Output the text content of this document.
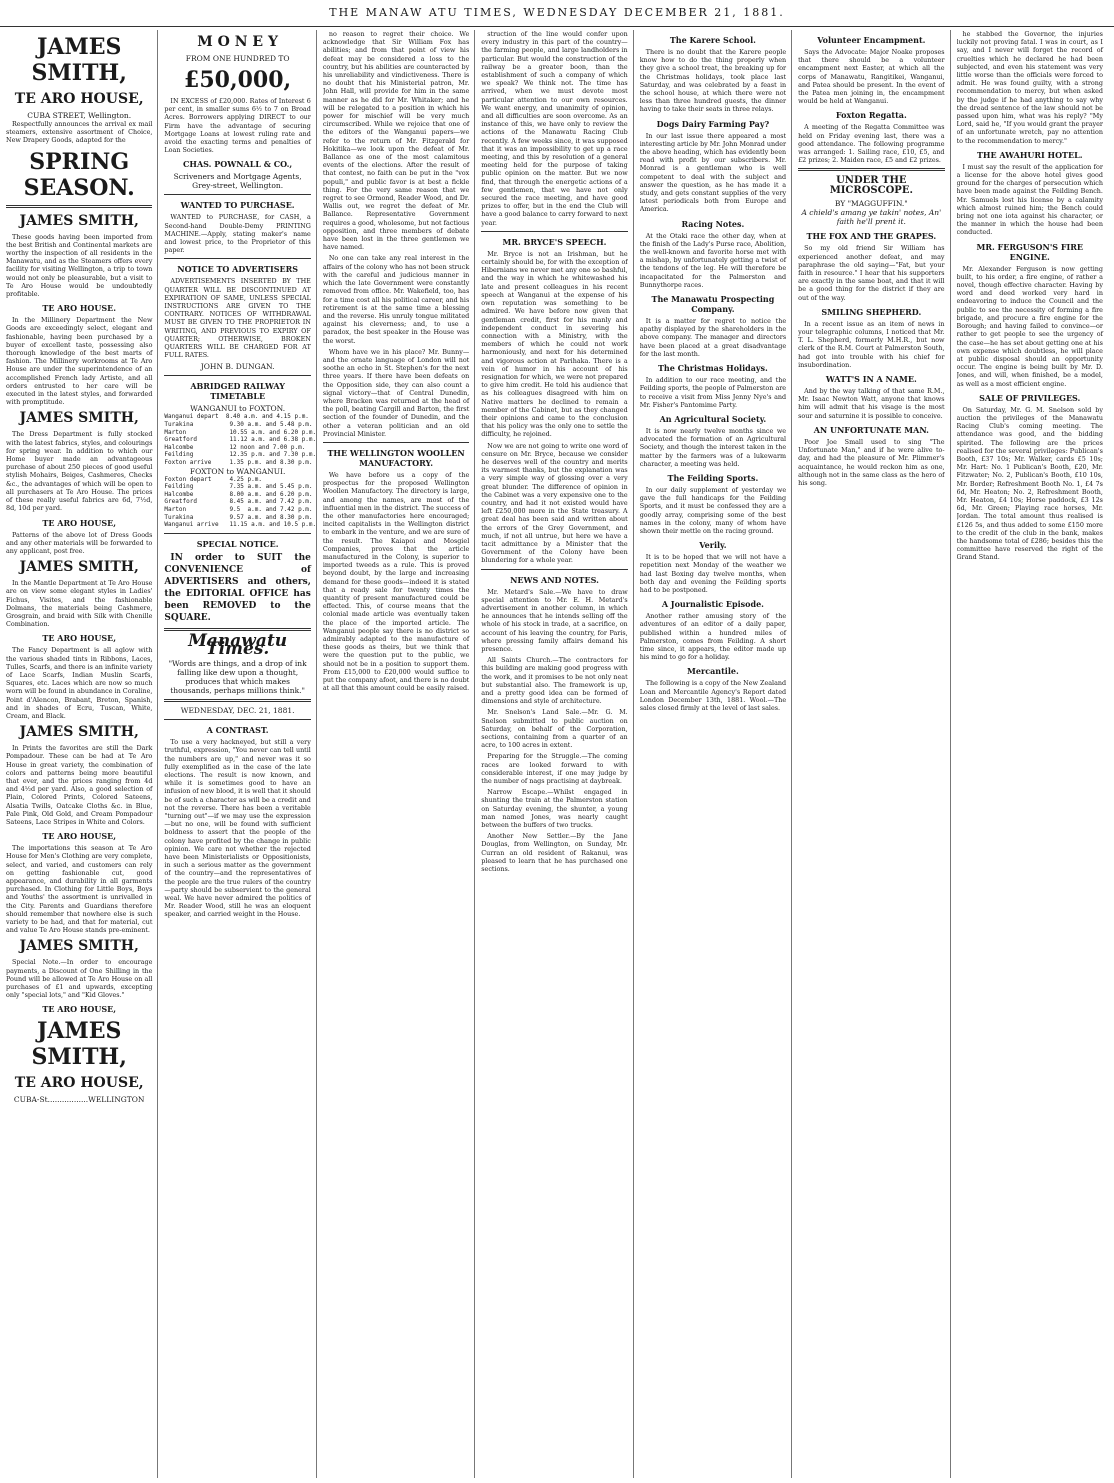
THE MANAW ATU TIMES, WEDNESDAY DECEMBER 21, 1881.
JAMES SMITH,
TE ARO HOUSE,
CUBA STREET, Wellington.

Respectfully announces the arrival ex mail steamers, extensive assortment of Choice, New Drapery Goods, adapted for the

SPRING SEASON.
JAMES SMITH,

These goods having been imported from the best British and Continental markets are worthy the inspection of all residents in the Manawatu, and as the Steamers offers every facility for visiting Wellington, a trip to town would not only be pleasurable, but a visit to Te Aro House would be undoubtedly profitable.

TE ARO HOUSE.

In the Millinery Department the New Goods are exceedingly select, elegant and fashionable, having been purchased by a buyer of excellent taste, possessing also thorough knowledge of the best marts of fashion. The Millinery workrooms at Te Aro House are under the superintendence of an accomplished French lady Artiste, and all orders entrusted to her care will be executed in the latest styles, and forwarded with promptitude.

JAMES SMITH,

The Dress Department is fully stocked with the latest fabrics, styles, and colourings for spring wear. In addition to which our Home buyer made an advantageous purchase of about 250 pieces of good useful stylish Mohairs, Beiges, Cashmeres, Checks &c., the advantages of which will be open to all purchasers at Te Aro House. The prices of these really useful fabrics are 6d, 7½d, 8d, 10d per yard.

TE ARO HOUSE,

Patterns of the above lot of Dress Goods and any other materials will be forwarded to any applicant, post free.

JAMES SMITH,

In the Mantle Department at Te Aro House are on view some elegant styles in Ladies' Fichus, Visites, and the fashionable Dolmans, the materials being Cashmere, Grosgrain, and braid with Silk with Chenille Combination.

TE ARO HOUSE,

The Fancy Department is all aglow with the various shaded tints in Ribbons, Laces, Tulles, Scarfs, and there is an infinite variety of Lace Scarfs, Indian Muslin Scarfs, Squares, etc. Laces which are now so much worn will be found in abundance in Coraline, Point d'Alencon, Brabant, Breton, Spanish, and in shades of Ecru, Tuscan, White, Cream, and Black.

JAMES SMITH,

In Prints the favorites are still the Dark Pompadour. These can be had at Te Aro House in great variety, the combination of colors and patterns being more beautiful that ever, and the prices ranging from 4d and 4½d per yard. Also, a good selection of Plain, Colored Prints, Colored Sateens, Alsatia Twills, Oatcake Cloths &c. in Blue, Pale Pink, Old Gold, and Cream Pompadour Sateens, Lace Stripes in White and Colors.

TE ARO HOUSE,

The importations this season at Te Aro House for Men's Clothing are very complete, select, and varied, and customers can rely on getting fashionable cut, good appearance, and durability in all garments purchased. In Clothing for Little Boys, Boys and Youths' the assortment is unrivalled in the City. Parents and Guardians therefore should remember that nowhere else is such variety to be had, and that for material, cut and value Te Aro House stands pre-eminent.

JAMES SMITH,

Special Note.—In order to encourage payments, a Discount of One Shilling in the Pound will be allowed at Te Aro House on all purchases of £1 and upwards, excepting only "special lots," and "Kid Gloves."

TE ARO HOUSE,
JAMES SMITH,
TE ARO HOUSE,
CUBA-St.................WELLINGTON
M O N E Y
FROM ONE HUNDRED TO
£50,000,

IN EXCESS of £20,000. Rates of Interest 6 per cent, in smaller sums 6½ to 7 on Broad Acres. Borrowers applying DIRECT to our Firm have the advantage of securing Mortgage Loans at lowest ruling rate and avoid the exacting terms and penalties of Loan Societies.

CHAS. POWNALL & CO.,
Scriveners and Mortgage Agents, Grey-street, Wellington.
WANTED TO PURCHASE.

WANTED to PURCHASE, for CASH, a Second-hand Double-Demy PRINTING MACHINE.—Apply, stating maker's name and lowest price, to the Proprietor of this paper.

NOTICE TO ADVERTISERS

ADVERTISEMENTS INSERTED BY THE QUARTER WILL BE DISCONTINUED AT EXPIRATION OF SAME, UNLESS SPECIAL INSTRUCTIONS ARE GIVEN TO THE CONTRARY. NOTICES OF WITHDRAWAL MUST BE GIVEN TO THE PROPRIETOR IN WRITING, AND PREVIOUS TO EXPIRY OF QUARTER; OTHERWISE, BROKEN QUARTERS WILL BE CHARGED FOR AT FULL RATES.

JOHN B. DUNGAN.
ABRIDGED RAILWAY TIMETABLE
WANGANUI to FOXTON.
Wanganui depart  8.40 a.m. and 4.15 p.m.
Turakina          9.30 a.m. and 5.48 p.m.
Marton            10.55 a.m. and 6.20 p.m.
Greatford         11.12 a.m. and 6.38 p.m.
Halcombe          12 noon and 7.00 p.m.
Feilding          12.35 p.m. and 7.30 p.m.
Foxton arrive     1.35 p.m. and 8.30 p.m.
FOXTON to WANGANUI.
Foxton depart     4.25 p.m.
Feilding          7.35 a.m. and 5.45 p.m.
Halcombe          8.00 a.m. and 6.20 p.m.
Greatford         8.45 a.m. and 7.42 p.m.
Marton            9.5  a.m. and 7.42 p.m.
Turakina          9.57 a.m. and 8.30 p.m.
Wanganui arrive   11.15 a.m. and 10.5 p.m.
SPECIAL NOTICE.

IN order to SUIT the CONVENIENCE of ADVERTISERS and others, the EDITORIAL OFFICE has been REMOVED to the SQUARE.

Manawatu Times.
"Words are things, and a drop of ink falling like dew upon a thought, produces that which makes thousands, perhaps millions think."
WEDNESDAY, DEC. 21, 1881.
A CONTRAST.

To use a very hackneyed, but still a very truthful, expression, "You never can tell until the numbers are up," and never was it so fully exemplified as in the case of the late elections. The result is now known, and while it is sometimes good to have an infusion of new blood, it is well that it should be of such a character as will be a credit and not the reverse. There has been a veritable "turning out"—if we may use the expression—but no one, will be found with sufficient boldness to assert that the people of the colony have profited by the change in public opinion. We care not whether the rejected have been Ministerialists or Oppositionists, in such a serious matter as the government of the country—and the representatives of the people are the true rulers of the country—party should be subservient to the general weal. We have never admired the politics of Mr. Reader Wood, still he was an eloquent speaker, and carried weight in the House.

no reason to regret their choice. We acknowledge that Sir William Fox has abilities; and from that point of view his defeat may be considered a loss to the country, but his abilities are counteracted by his unreliability and vindictiveness. There is no doubt that his Ministerial patron, Mr. John Hall, will provide for him in the same manner as he did for Mr. Whitaker; and he will be relegated to a position in which his power for mischief will be very much circumscribed. While we rejoice that one of the editors of the Wanganui papers—we refer to the return of Mr. Fitzgerald for Hokitika—we look upon the defeat of Mr. Ballance as one of the most calamitous events of the elections. After the result of that contest, no faith can be put in the "vox populi," and public favor is at best a fickle thing. For the very same reason that we regret to see Ormond, Reader Wood, and Dr. Wallis out, we regret the defeat of Mr. Ballance. Representative Government requires a good, wholesome, but not factious opposition, and three members of debate have been lost in the three gentlemen we have named.

No one can take any real interest in the affairs of the colony who has not been struck with the careful and judicious manner in which the late Government were constantly removed from office. Mr. Wakefield, too, has for a time cost all his political career, and his retirement is at the same time a blessing and the reverse. His unruly tongue militated against his cleverness; and, to use a paradox, the best speaker in the House was the worst.

Whom have we in his place? Mr. Bunny—and the ornate language of London will not soothe an echo in St. Stephen's for the next three years. If there have been defeats on the Opposition side, they can also count a signal victory—that of Central Dunedin, where Bracken was returned at the head of the poll, beating Cargill and Barton, the first section of the founder of Dunedin, and the other a veteran politician and an old Provincial Minister.

THE WELLINGTON WOOLLEN MANUFACTORY.

We have before us a copy of the prospectus for the proposed Wellington Woollen Manufactory. The directory is large, and among the names, are most of the influential men in the district. The success of the other manufactories here encouraged; incited capitalists in the Wellington district to embark in the venture, and we are sure of the result. The Kaiapoi and Mosgiel Companies, proves that the article manufactured in the Colony, is superior to imported tweeds as a rule. This is proved beyond doubt, by the large and increasing demand for these goods—indeed it is stated that a ready sale for twenty times the quantity of present manufactured could be effected. This, of course means that the colonial made article was eventually taken the place of the imported article. The Wanganui people say there is no district so admirably adapted to the manufacture of these goods as theirs, but we think that were the question put to the public, we should not be in a position to support them. From £15,000 to £20,000 would suffice to put the company afoot, and there is no doubt at all that this amount could be easily raised.

struction of the line would confer upon every industry in this part of the country—the farming people, and large landholders in particular. But would the construction of the railway be a greater boon, than the establishment of such a company of which we speak? We think not. The time has arrived, when we must devote most particular attention to our own resources. We want energy, and unanimity of opinion, and all difficulties are soon overcome. As an instance of this, we have only to review the actions of the Manawatu Racing Club recently. A few weeks since, it was supposed that it was an impossibility to get up a race meeting, and this by resolution of a general meeting held for the purpose of taking public opinion on the matter. But we now find, that through the energetic actions of a few gentlemen, that we have not only secured the race meeting, and have good prizes to offer, but in the end the Club will have a good balance to carry forward to next year.

MR. BRYCE'S SPEECH.

Mr. Bryce is not an Irishman, but he certainly should be, for with the exception of Hibernians we never met any one so bashful, and the way in which he whitewashed his late and present colleagues in his recent speech at Wanganui at the expense of his own reputation was something to be admired. We have before now given that gentleman credit, first for his manly and independent conduct in severing his connection with a Ministry, with the members of which he could not work harmoniously, and next for his determined and vigorous action at Parihaka. There is a vein of humor in his account of his resignation for which, we were not prepared to give him credit. He told his audience that as his colleagues disagreed with him on Native matters he declined to remain a member of the Cabinet, but as they changed their opinions and came to the conclusion that his policy was the only one to settle the difficulty, he rejoined.

Now we are not going to write one word of censure on Mr. Bryce, because we consider he deserves well of the country and merits its warmest thanks, but the explanation was a very simple way of glossing over a very great blunder. The difference of opinion in the Cabinet was a very expensive one to the country, and had it not existed would have left £250,000 more in the State treasury. A great deal has been said and written about the errors of the Grey Government, and much, if not all untrue, but here we have a tacit admittance by a Minister that the Government of the Colony have been blundering for a whole year.

NEWS AND NOTES.

Mr. Metard's Sale.—We have to draw special attention to Mr. E. H. Metard's advertisement in another column, in which he announces that he intends selling off the whole of his stock in trade, at a sacrifice, on account of his leaving the country, for Paris, where pressing family affairs demand his presence.

All Saints Church.—The contractors for this building are making good progress with the work, and it promises to be not only neat but substantial also. The framework is up, and a pretty good idea can be formed of dimensions and style of architecture.

Mr. Snelson's Land Sale.—Mr. G. M. Snelson submitted to public auction on Saturday, on behalf of the Corporation, sections, containing from a quarter of an acre, to 100 acres in extent.

Preparing for the Struggle.—The coming races are looked forward to with considerable interest, if one may judge by the number of nags practising at daybreak.

Narrow Escape.—Whilst engaged in shunting the train at the Palmerston station on Saturday evening, the shunter, a young man named Jones, was nearly caught between the buffers of two trucks.

Another New Settler.—By the Jane Douglas, from Wellington, on Sunday, Mr. Curran an old resident of Rakanui, was pleased to learn that he has purchased one sections.

The Karere School.

There is no doubt that the Karere people know how to do the thing properly when they give a school treat, the breaking up for the Christmas holidays, took place last Saturday, and was celebrated by a feast in the school house, at which there were not less than three hundred guests, the dinner having to take their seats in three relays.

Dogs Dairy Farming Pay?

In our last issue there appeared a most interesting article by Mr. John Monrad under the above heading, which has evidently been read with profit by our subscribers. Mr. Monrad is a gentleman who is well competent to deal with the subject and answer the question, as he has made it a study, and gets constant supplies of the very latest periodicals both from Europe and America.

Racing Notes.

At the Otaki race the other day, when at the finish of the Lady's Purse race, Abolition, the well-known and favorite horse met with a mishap, by unfortunately getting a twist of the tendons of the leg. He will therefore be incapacitated for the Palmerston and Bunnythorpe races.

The Manawatu Prospecting Company.

It is a matter for regret to notice the apathy displayed by the shareholders in the above company. The manager and directors have been placed at a great disadvantage for the last month.

The Christmas Holidays.

In addition to our race meeting, and the Feilding sports, the people of Palmerston are to receive a visit from Miss Jenny Nye's and Mr. Fisher's Pantomime Party.

An Agricultural Society.

It is now nearly twelve months since we advocated the formation of an Agricultural Society, and though the interest taken in the matter by the farmers was of a lukewarm character, a meeting was held.

The Feilding Sports.

In our daily supplement of yesterday we gave the full handicaps for the Feilding Sports, and it must be confessed they are a goodly array, comprising some of the best names in the colony, many of whom have shown their mettle on the racing ground.

Verily.

It is to be hoped that we will not have a repetition next Monday of the weather we had last Boxing day twelve months, when both day and evening the Feilding sports had to be postponed.

A Journalistic Episode.

Another rather amusing story of the adventures of an editor of a daily paper, published within a hundred miles of Palmerston, comes from Feilding. A short time since, it appears, the editor made up his mind to go for a holiday.

Mercantile.

The following is a copy of the New Zealand Loan and Mercantile Agency's Report dated London December 13th, 1881. Wool.—The sales closed firmly at the level of last sales.

Volunteer Encampment.

Says the Advocate: Major Noake proposes that there should be a volunteer encampment next Easter, at which all the corps of Manawatu, Rangitikei, Wanganui, and Patea should be present. In the event of the Patea men joining in, the encampment would be held at Wanganui.

Foxton Regatta.

A meeting of the Regatta Committee was held on Friday evening last, there was a good attendance. The following programme was arranged: 1. Sailing race, £10, £5, and £2 prizes; 2. Maiden race, £5 and £2 prizes.

UNDER THE MICROSCOPE.
BY "MAGGUFFIN."
A chield's amang ye takin' notes, An' faith he'll prent it.
THE FOX AND THE GRAPES.

So my old friend Sir William has experienced another defeat, and may paraphrase the old saying—"Fat, but your faith in resource." I hear that his supporters are exactly in the same boat, and that it will be a good thing for the district if they are out of the way.

SMILING SHEPHERD.

In a recent issue as an item of news in your telegraphic columns, I noticed that Mr. T. L. Shepherd, formerly M.H.R., but now clerk of the R.M. Court at Palmerston South, had got into trouble with his chief for insubordination.

WATT'S IN A NAME.

And by the way talking of that same R.M., Mr. Isaac Newton Watt, anyone that knows him will admit that his visage is the most sour and saturnine it is possible to conceive.

AN UNFORTUNATE MAN.

Poor Joe Small used to sing "The Unfortunate Man," and if he were alive to-day, and had the pleasure of Mr. Plimmer's acquaintance, he would reckon him as one, although not in the same class as the hero of his song.

he stabbed the Governor, the injuries luckily not proving fatal. I was in court, as I say, and I never will forget the record of cruelties which he declared he had been subjected, and even his statement was very little worse than the officials were forced to admit. He was found guilty, with a strong recommendation to mercy, but when asked by the judge if he had anything to say why the dread sentence of the law should not be passed upon him, what was his reply? "My Lord, said he, "If you would grant the prayer of an unfortunate wretch, pay no attention to the recommendation to mercy."

THE AWAHURI HOTEL.

I must say the result of the application for a license for the above hotel gives good ground for the charges of persecution which have been made against the Feilding Bench. Mr. Samuels lost his license by a calamity which almost ruined him; the Bench could bring not one iota against his character, or the manner in which the house had been conducted.

MR. FERGUSON'S FIRE ENGINE.

Mr. Alexander Ferguson is now getting built, to his order, a fire engine, of rather a novel, though effective character. Having by word and deed worked very hard in endeavoring to induce the Council and the public to see the necessity of forming a fire brigade, and procure a fire engine for the Borough; and having failed to convince—or rather to get people to see the urgency of the case—he has set about getting one at his own expense which doubtless, he will place at public disposal should an opportunity occur. The engine is being built by Mr. D. Jones, and will, when finished, be a model, as well as a most efficient engine.

SALE OF PRIVILEGES.

On Saturday, Mr. G. M. Snelson sold by auction the privileges of the Manawatu Racing Club's coming meeting. The attendance was good, and the bidding spirited. The following are the prices realised for the several privileges: Publican's Booth, £37 10s; Mr. Walker, cards £5 10s; Mr. Hart: No. 1 Publican's Booth, £20, Mr. Fitzwater; No. 2, Publican's Booth, £10 10s, Mr. Border; Refreshment Booth No. 1, £4 7s 6d, Mr. Heaton; No. 2, Refreshment Booth, Mr. Heaton, £4 10s; Horse paddock, £3 12s 6d, Mr. Green; Playing race horses, Mr. Jordan. The total amount thus realised is £126 5s, and thus added to some £150 more to the credit of the club in the bank, makes the handsome total of £286; besides this the committee have reserved the right of the Grand Stand.
